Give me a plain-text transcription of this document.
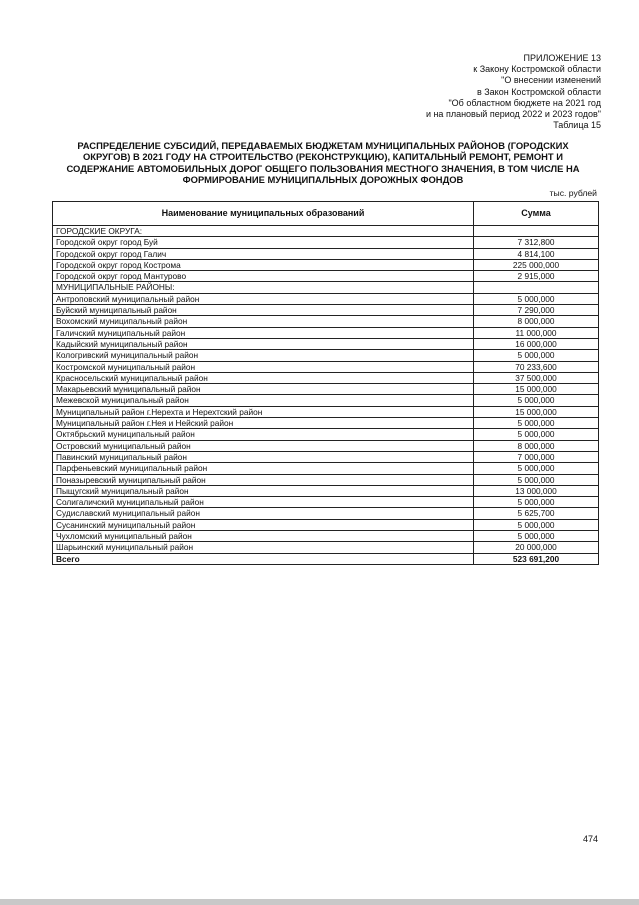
ПРИЛОЖЕНИЕ 13
к Закону Костромской области
"О внесении изменений
в Закон Костромской области
"Об областном бюджете на 2021 год
и на плановый период 2022 и 2023 годов"
Таблица 15
РАСПРЕДЕЛЕНИЕ СУБСИДИЙ, ПЕРЕДАВАЕМЫХ БЮДЖЕТАМ МУНИЦИПАЛЬНЫХ РАЙОНОВ (ГОРОДСКИХ
ОКРУГОВ) В 2021 ГОДУ НА СТРОИТЕЛЬСТВО (РЕКОНСТРУКЦИЮ), КАПИТАЛЬНЫЙ РЕМОНТ, РЕМОНТ И
СОДЕРЖАНИЕ АВТОМОБИЛЬНЫХ ДОРОГ ОБЩЕГО ПОЛЬЗОВАНИЯ МЕСТНОГО ЗНАЧЕНИЯ, В ТОМ ЧИСЛЕ НА
ФОРМИРОВАНИЕ МУНИЦИПАЛЬНЫХ ДОРОЖНЫХ ФОНДОВ
тыс. рублей
Наименование муниципальных образований	Сумма
ГОРОДСКИЕ ОКРУГА:	
Городской округ город Буй	7 312,800
Городской округ город Галич	4 814,100
Городской округ город Кострома	225 000,000
Городской округ город Мантурово	2 915,000
МУНИЦИПАЛЬНЫЕ РАЙОНЫ:	
Антроповский муниципальный район	5 000,000
Буйский муниципальный район	7 290,000
Вохомский муниципальный район	8 000,000
Галичский муниципальный район	11 000,000
Кадыйский муниципальный район	16 000,000
Кологривский муниципальный район	5 000,000
Костромской муниципальный район	70 233,600
Красносельский муниципальный район	37 500,000
Макарьевский муниципальный район	15 000,000
Межевской муниципальный район	5 000,000
Муниципальный район г.Нерехта и Нерехтский район	15 000,000
Муниципальный район г.Нея и Нейский район	5 000,000
Октябрьский муниципальный район	5 000,000
Островский муниципальный район	8 000,000
Павинский муниципальный район	7 000,000
Парфеньевский муниципальный район	5 000,000
Поназыревский муниципальный район	5 000,000
Пыщугский муниципальный район	13 000,000
Солигаличский муниципальный район	5 000,000
Судиславский муниципальный район	5 625,700
Сусанинский муниципальный район	5 000,000
Чухломский муниципальный район	5 000,000
Шарьинский муниципальный район	20 000,000
Всего	523 691,200
474
